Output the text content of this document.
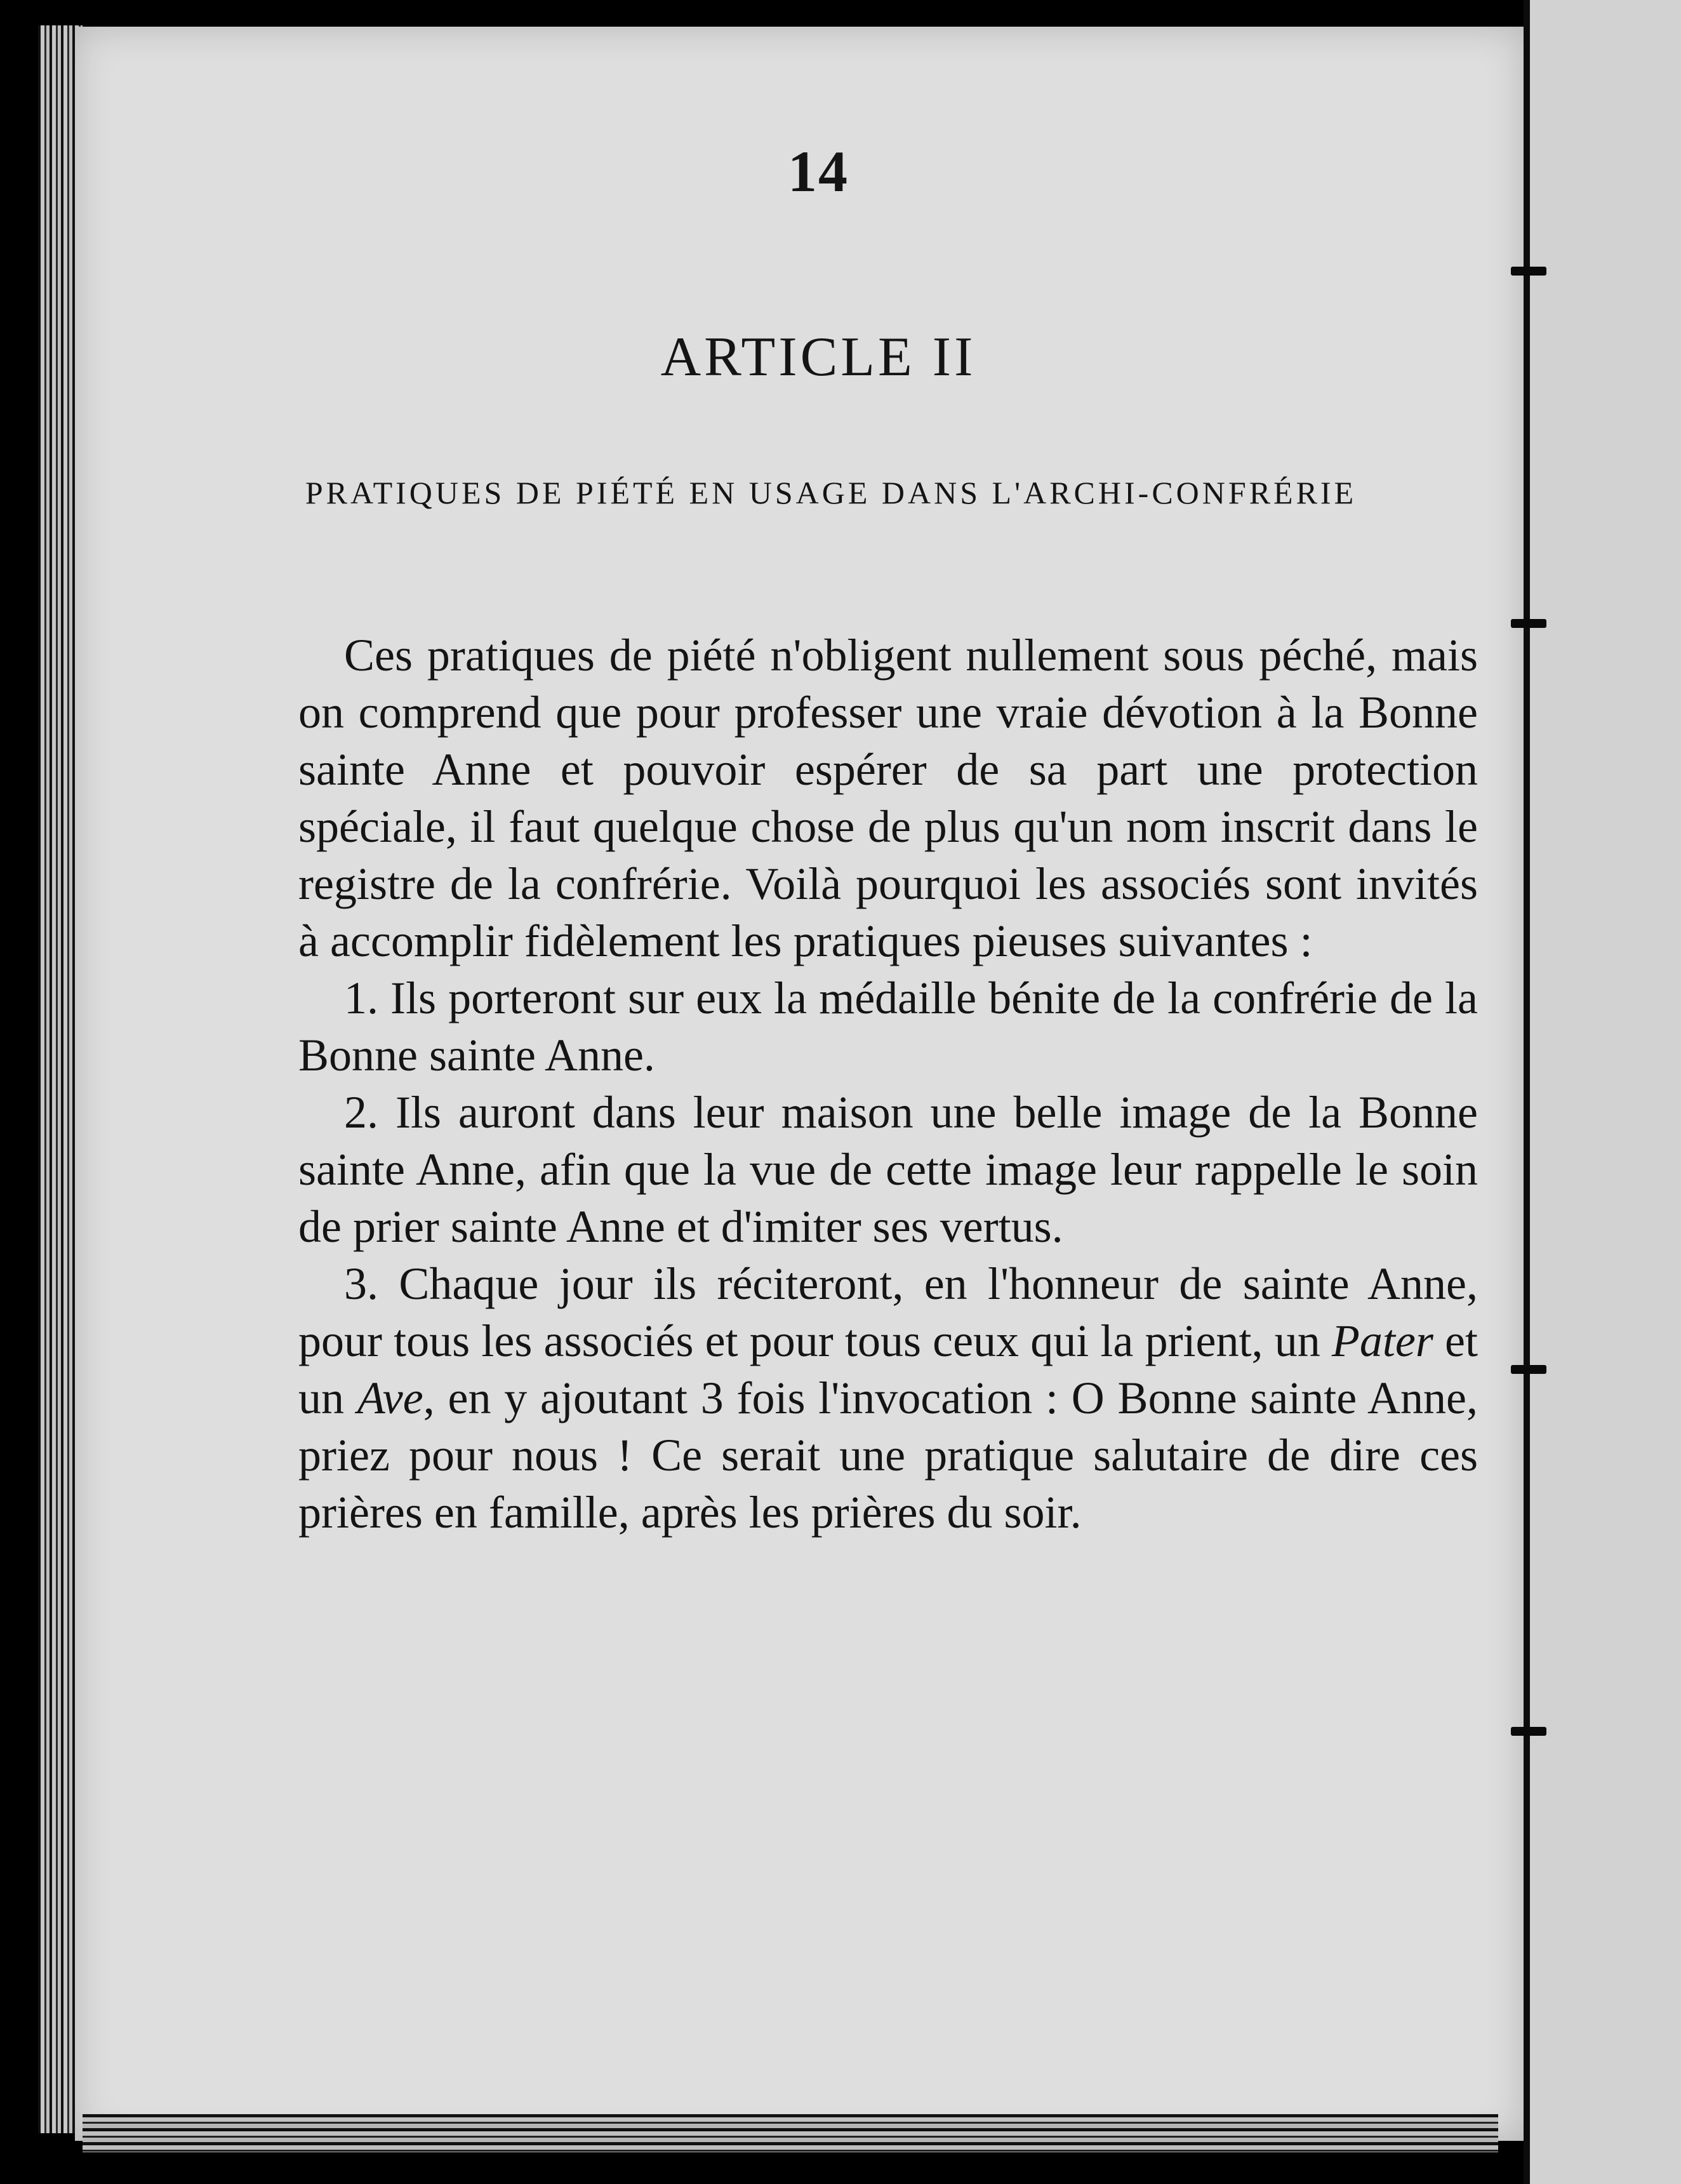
14
ARTICLE II
PRATIQUES DE PIÉTÉ EN USAGE DANS L'ARCHI-CONFRÉRIE

Ces pratiques de piété n'obligent nullement sous péché, mais on comprend que pour professer une vraie dévotion à la Bonne sainte Anne et pouvoir espérer de sa part une protection spéciale, il faut quelque chose de plus qu'un nom inscrit dans le registre de la confrérie. Voilà pourquoi les associés sont invités à accomplir fidèlement les pratiques pieuses suivantes :

1. Ils porteront sur eux la médaille bénite de la confrérie de la Bonne sainte Anne.

2. Ils auront dans leur maison une belle image de la Bonne sainte Anne, afin que la vue de cette image leur rappelle le soin de prier sainte Anne et d'imiter ses vertus.

3. Chaque jour ils réciteront, en l'honneur de sainte Anne, pour tous les associés et pour tous ceux qui la prient, un Pater et un Ave, en y ajoutant 3 fois l'invocation : O Bonne sainte Anne, priez pour nous ! Ce serait une pratique salutaire de dire ces prières en famille, après les prières du soir.
